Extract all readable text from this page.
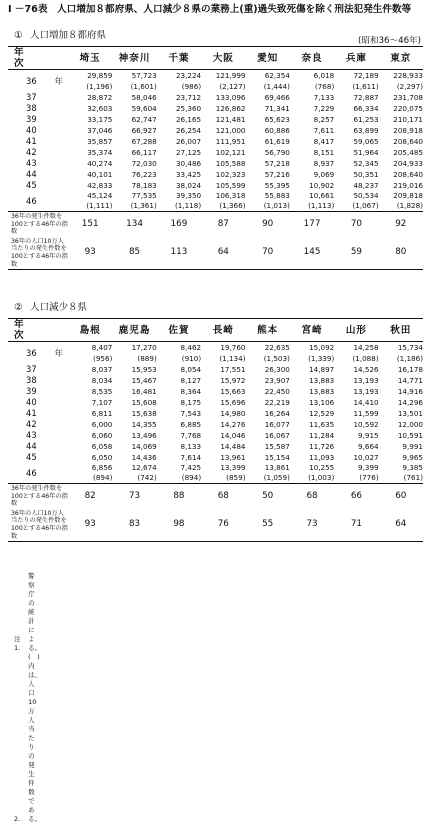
I －76表　人口増加８都府県、人口減少８県の業務上(重)過失致死傷を除く刑法犯発生件数等
① 人口増加８都府県	(昭和36～46年)
年　次	埼玉	神奈川	千葉	大阪	愛知	奈良	兵庫	東京
36 年	29,859	57,723	23,224	121,999	62,354	6,018	72,189	228,933
	(1,196)	(1,601)	(986)	(2,127)	(1,444)	(768)	(1,611)	(2,297)
37	28,872	58,046	23,712	133,096	69,466	7,133	72,887	231,708
38	32,603	59,604	25,360	126,862	71,341	7,229	66,334	220,075
39	33,175	62,747	26,165	121,481	65,623	8,257	61,253	210,171
40	37,046	66,927	26,254	121,000	60,886	7,611	63,899	208,918
41	35,857	67,288	26,007	111,951	61,619	8,417	59,065	208,640
42	35,374	66,117	27,125	102,121	56,790	8,151	51,964	205,485
43	40,274	72,030	30,486	105,588	57,218	8,937	52,345	204,933
44	40,101	76,223	33,425	102,323	57,216	9,069	50,351	208,640
45	42,833	78,183	38,024	105,599	55,395	10,902	48,237	219,016
46	45,124	77,535	39,350	106,318	55,883	10,661	50,534	209,818
	(1,111)	(1,361)	(1,118)	(1,366)	(1,013)	(1,113)	(1,067)	(1,828)
36年の発生件数を100とする46年の指数	151	134	169	87	90	177	70	92
36年の人口10万人当たりの発生件数を100とする46年の指数	93	85	113	64	70	145	59	80
② 人口減少８県
年　次	島根	鹿児島	佐賀	長崎	熊本	宮崎	山形	秋田
36 年	8,407	17,270	8,462	19,760	22,635	15,092	14,258	15,734
	(956)	(889)	(910)	(1,134)	(1,503)	(1,339)	(1,088)	(1,186)
37	8,037	15,953	8,054	17,551	26,300	14,897	14,526	16,178
38	8,034	15,467	8,127	15,972	23,907	13,883	13,193	14,771
39	8,535	16,481	8,364	15,663	22,450	13,883	13,193	14,916
40	7,107	15,608	8,175	15,696	22,219	13,106	14,410	14,296
41	6,811	15,638	7,543	14,980	16,264	12,529	11,599	13,501
42	6,000	14,355	6,885	14,276	16,077	11,635	10,592	12,000
43	6,060	13,496	7,768	14,046	16,067	11,284	9,915	10,591
44	6,058	14,069	8,133	14,484	15,587	11,726	9,664	9,991
45	6,050	14,436	7,614	13,961	15,154	11,093	10,027	9,965
46	6,856	12,674	7,425	13,399	13,861	10,255	9,399	9,385
	(894)	(742)	(894)	(859)	(1,059)	(1,003)	(776)	(761)
36年の発生件数を100とする46年の指数	82	73	88	68	50	68	66	60
36年の人口10万人当たりの発生件数を100とする46年の指数	93	83	98	76	55	73	71	64
注　1. 警察庁の統計による。
　　2. (　) 内は、人口10万人当たりの発生件数である。
